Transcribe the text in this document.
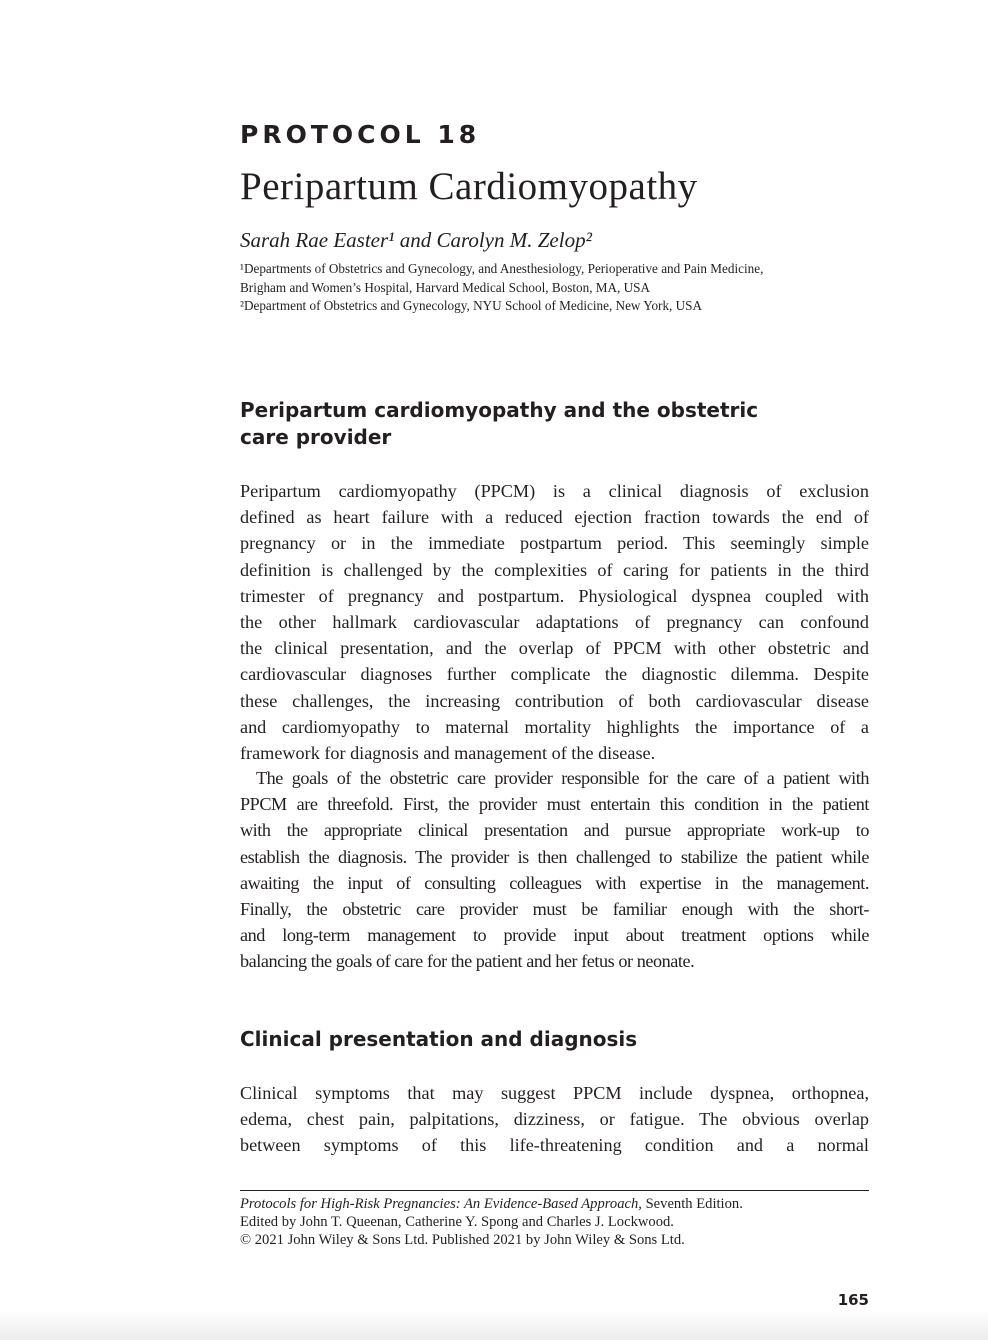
PROTOCOL 18
Peripartum Cardiomyopathy
Sarah Rae Easter¹ and Carolyn M. Zelop²
¹Departments of Obstetrics and Gynecology, and Anesthesiology, Perioperative and Pain Medicine,
Brigham and Women’s Hospital, Harvard Medical School, Boston, MA, USA
²Department of Obstetrics and Gynecology, NYU School of Medicine, New York, USA
Peripartum cardiomyopathy and the obstetric
care provider
Peripartum cardiomyopathy (PPCM) is a clinical diagnosis of exclusion
defined as heart failure with a reduced ejection fraction towards the end of
pregnancy or in the immediate postpartum period. This seemingly simple
definition is challenged by the complexities of caring for patients in the third
trimester of pregnancy and postpartum. Physiological dyspnea coupled with
the other hallmark cardiovascular adaptations of pregnancy can confound
the clinical presentation, and the overlap of PPCM with other obstetric and
cardiovascular diagnoses further complicate the diagnostic dilemma. Despite
these challenges, the increasing contribution of both cardiovascular disease
and cardiomyopathy to maternal mortality highlights the importance of a
framework for diagnosis and management of the disease.
The goals of the obstetric care provider responsible for the care of a patient with
PPCM are threefold. First, the provider must entertain this condition in the patient
with the appropriate clinical presentation and pursue appropriate work-up to
establish the diagnosis. The provider is then challenged to stabilize the patient while
awaiting the input of consulting colleagues with expertise in the management.
Finally, the obstetric care provider must be familiar enough with the short-
and long-term management to provide input about treatment options while
balancing the goals of care for the patient and her fetus or neonate.
Clinical presentation and diagnosis
Clinical symptoms that may suggest PPCM include dyspnea, orthopnea,
edema, chest pain, palpitations, dizziness, or fatigue. The obvious overlap
between symptoms of this life-threatening condition and a normal
Protocols for High-Risk Pregnancies: An Evidence-Based Approach, Seventh Edition.
Edited by John T. Queenan, Catherine Y. Spong and Charles J. Lockwood.
© 2021 John Wiley & Sons Ltd. Published 2021 by John Wiley & Sons Ltd.
165
